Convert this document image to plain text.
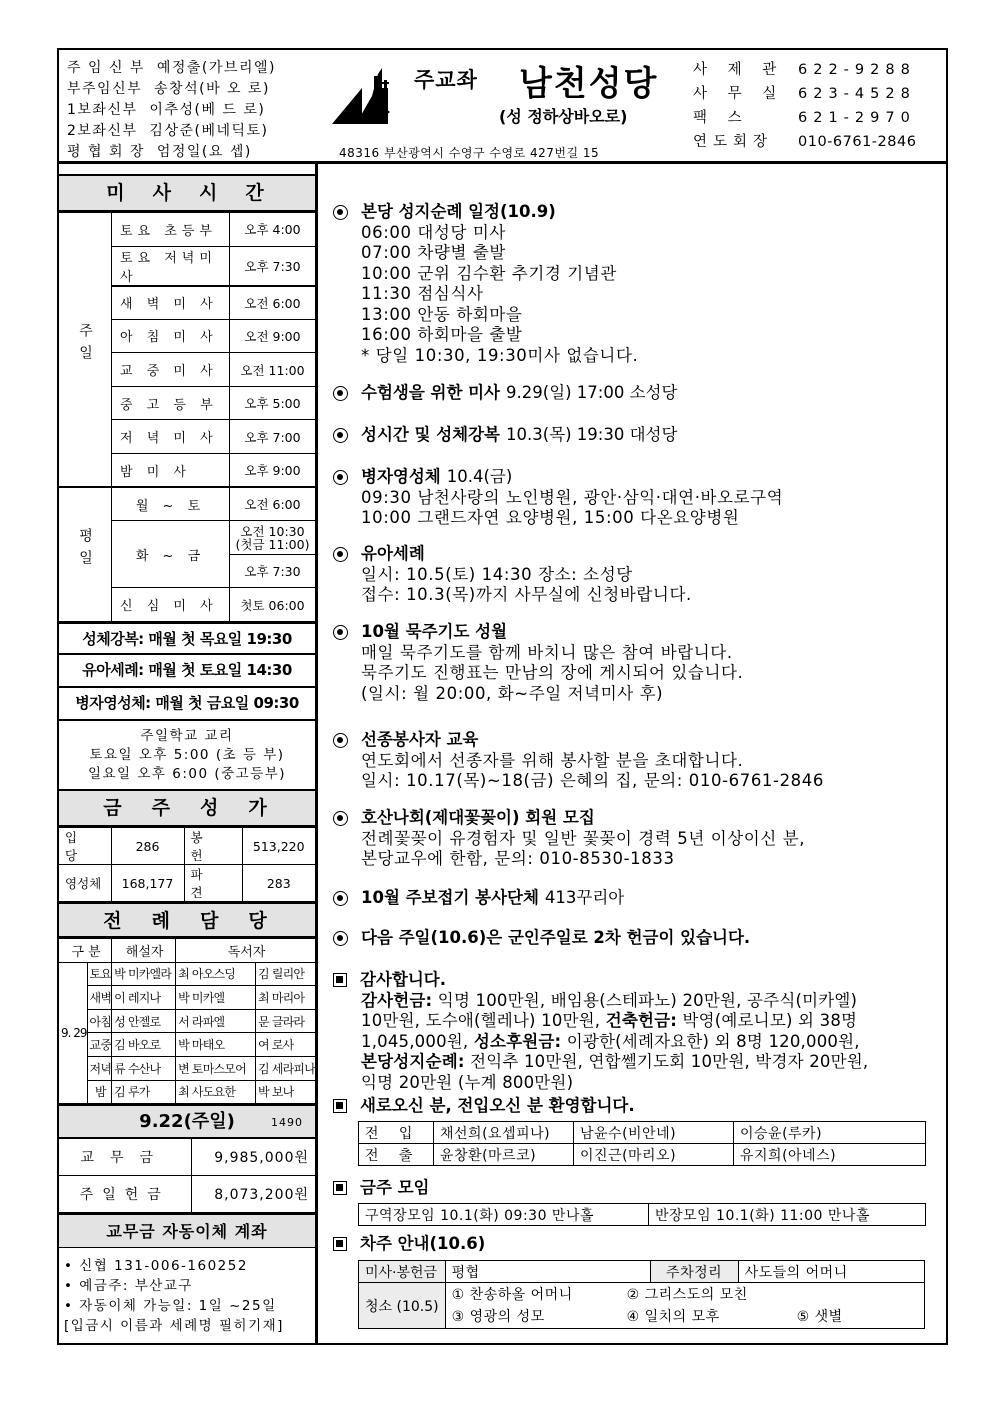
주 임 신 부 예정출(가브리엘)
부주임신부 송창석(바 오 로)
1보좌신부 이추성(베 드 로)
2보좌신부 김상준(베네딕토)
평 협 회 장 엄정일(요 셉)
주교좌 남천성당
(성 정하상바오로)
48316 부산광역시 수영구 수영로 427번길 15
사 제 관 622-9288
사 무 실 623-4528
팩 스	621-2970
연도회장	010-6761-2846
미사시간
주일	토요 초등부	오후 4:00
	토요 저녁미사	오후 7:30
	새 벽 미 사	오전 6:00
	아 침 미 사	오전 9:00
	교 중 미 사	오전 11:00
	중 고 등 부	오후 5:00
	저 녁 미 사	오후 7:00
	밤 미 사	오후 9:00
평일	월 ~ 토	오전 6:00
	화 ~ 금	오전 10:30
(첫금 11:00)

		오후 7:30
	신 심 미 사	첫토 06:00
성체강복: 매월 첫 목요일 19:30
유아세례: 매월 첫 토요일 14:30
병자영성체: 매월 첫 금요일 09:30
주일학교 교리
토요일 오후 5:00 (초 등 부)
일요일 오후 6:00 (중고등부)
금주성가
입 당	286	봉 헌	513,220
영성체	168,177	파 견	283
전례담당
구 분		해설자	독서자	
9. 29	토요	박 미카엘라	최 아오스딩	김 릴리안
	새벽	이 레지나	박 미카엘	최 마리아
	아침	성 안젤로	서 라파엘	문 글라라
	교중	김 바오로	박 마태오	여 로사
	저녁	류 수산나	변 토마스모어	김 세라피나
	밤	김 루가	최 사도요한	박 보나
9.22(주일)	1490
교무금	9,985,000원
주일헌금	8,073,200원
교무금 자동이체 계좌
• 신협 131-006-160252
• 예금주: 부산교구
• 자동이체 가능일: 1일 ~25일
[입금시 이름과 세례명 필히기재]
본당 성지순례 일정(10.9)
06:00 대성당 미사
07:00 차량별 출발
10:00 군위 김수환 추기경 기념관
11:30 점심식사
13:00 안동 하회마을
16:00 하회마을 출발
* 당일 10:30, 19:30미사 없습니다.
수험생을 위한 미사 9.29(일) 17:00 소성당
성시간 및 성체강복 10.3(목) 19:30 대성당
병자영성체 10.4(금)
09:30 남천사랑의 노인병원, 광안·삼익·대연·바오로구역
10:00 그랜드자연 요양병원, 15:00 다온요양병원
유아세례
일시: 10.5(토) 14:30 장소: 소성당
접수: 10.3(목)까지 사무실에 신청바랍니다.
10월 묵주기도 성월
매일 묵주기도를 함께 바치니 많은 참여 바랍니다.
묵주기도 진행표는 만남의 장에 게시되어 있습니다.
(일시: 월 20:00, 화~주일 저녁미사 후)
선종봉사자 교육
연도회에서 선종자를 위해 봉사할 분을 초대합니다.
일시: 10.17(목)~18(금) 은혜의 집, 문의: 010-6761-2846
호산나회(제대꽃꽂이) 회원 모집
전례꽃꽂이 유경험자 및 일반 꽃꽂이 경력 5년 이상이신 분,
본당교우에 한함, 문의: 010-8530-1833
10월 주보접기 봉사단체 413꾸리아
다음 주일(10.6)은 군인주일로 2차 헌금이 있습니다.
감사합니다.
감사헌금: 익명 100만원, 배임용(스테파노) 20만원, 공주식(미카엘)
10만원, 도수애(헬레나) 10만원, 건축헌금: 박영(예로니모) 외 38명
1,045,000원, 성소후원금: 이광한(세례자요한) 외 8명 120,000원,
본당성지순례: 전익추 10만원, 연합쎌기도회 10만원, 박경자 20만원,
익명 20만원 (누계 800만원)
새로오신 분, 전입오신 분 환영합니다.
전    입	채선희(요셉피나)	남윤수(비안네)	이승윤(루카)
전    출	윤창환(마르코)	이진근(마리오)	유지희(아네스)
금주 모임
구역장모임 10.1(화) 09:30 만나홀	반장모임 10.1(화) 11:00 만나홀
차주 안내(10.6)
미사·봉헌금	평협	주차정리	사도들의 어머니
청소 (10.5)	① 찬송하올 어머니 ② 그리스도의 모친
③ 영광의 성모 ④ 일치의 모후 ⑤ 샛별		
